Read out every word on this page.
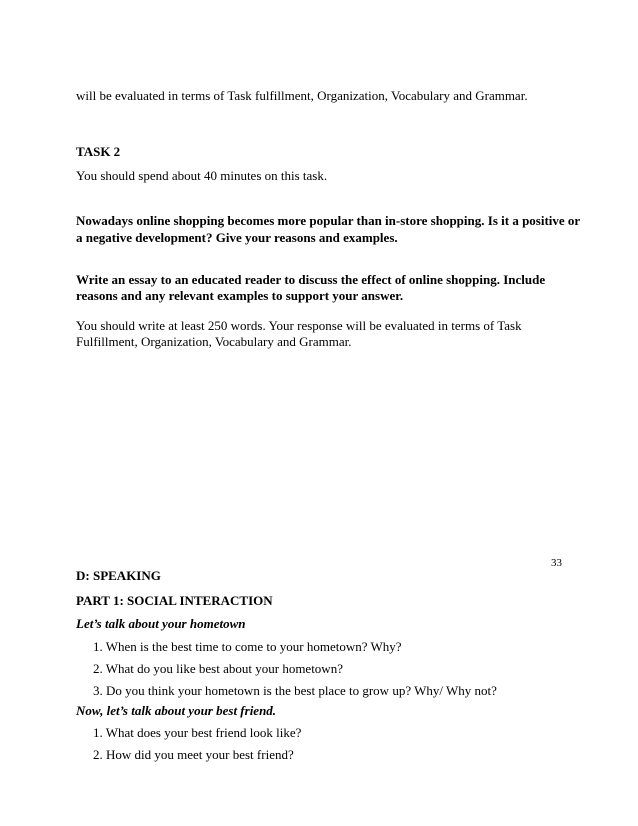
will be evaluated in terms of Task fulfillment, Organization, Vocabulary and Grammar.
TASK 2
You should spend about 40 minutes on this task.
Nowadays online shopping becomes more popular than in-store shopping. Is it a positive or
a negative development? Give your reasons and examples.
Write an essay to an educated reader to discuss the effect of online shopping. Include
reasons and any relevant examples to support your answer.
You should write at least 250 words. Your response will be evaluated in terms of Task
Fulfillment, Organization, Vocabulary and Grammar.
33
D: SPEAKING
PART 1: SOCIAL INTERACTION
Let’s talk about your hometown
1. When is the best time to come to your hometown? Why?
2. What do you like best about your hometown?
3. Do you think your hometown is the best place to grow up? Why/ Why not?
Now, let’s talk about your best friend.
1. What does your best friend look like?
2. How did you meet your best friend?
